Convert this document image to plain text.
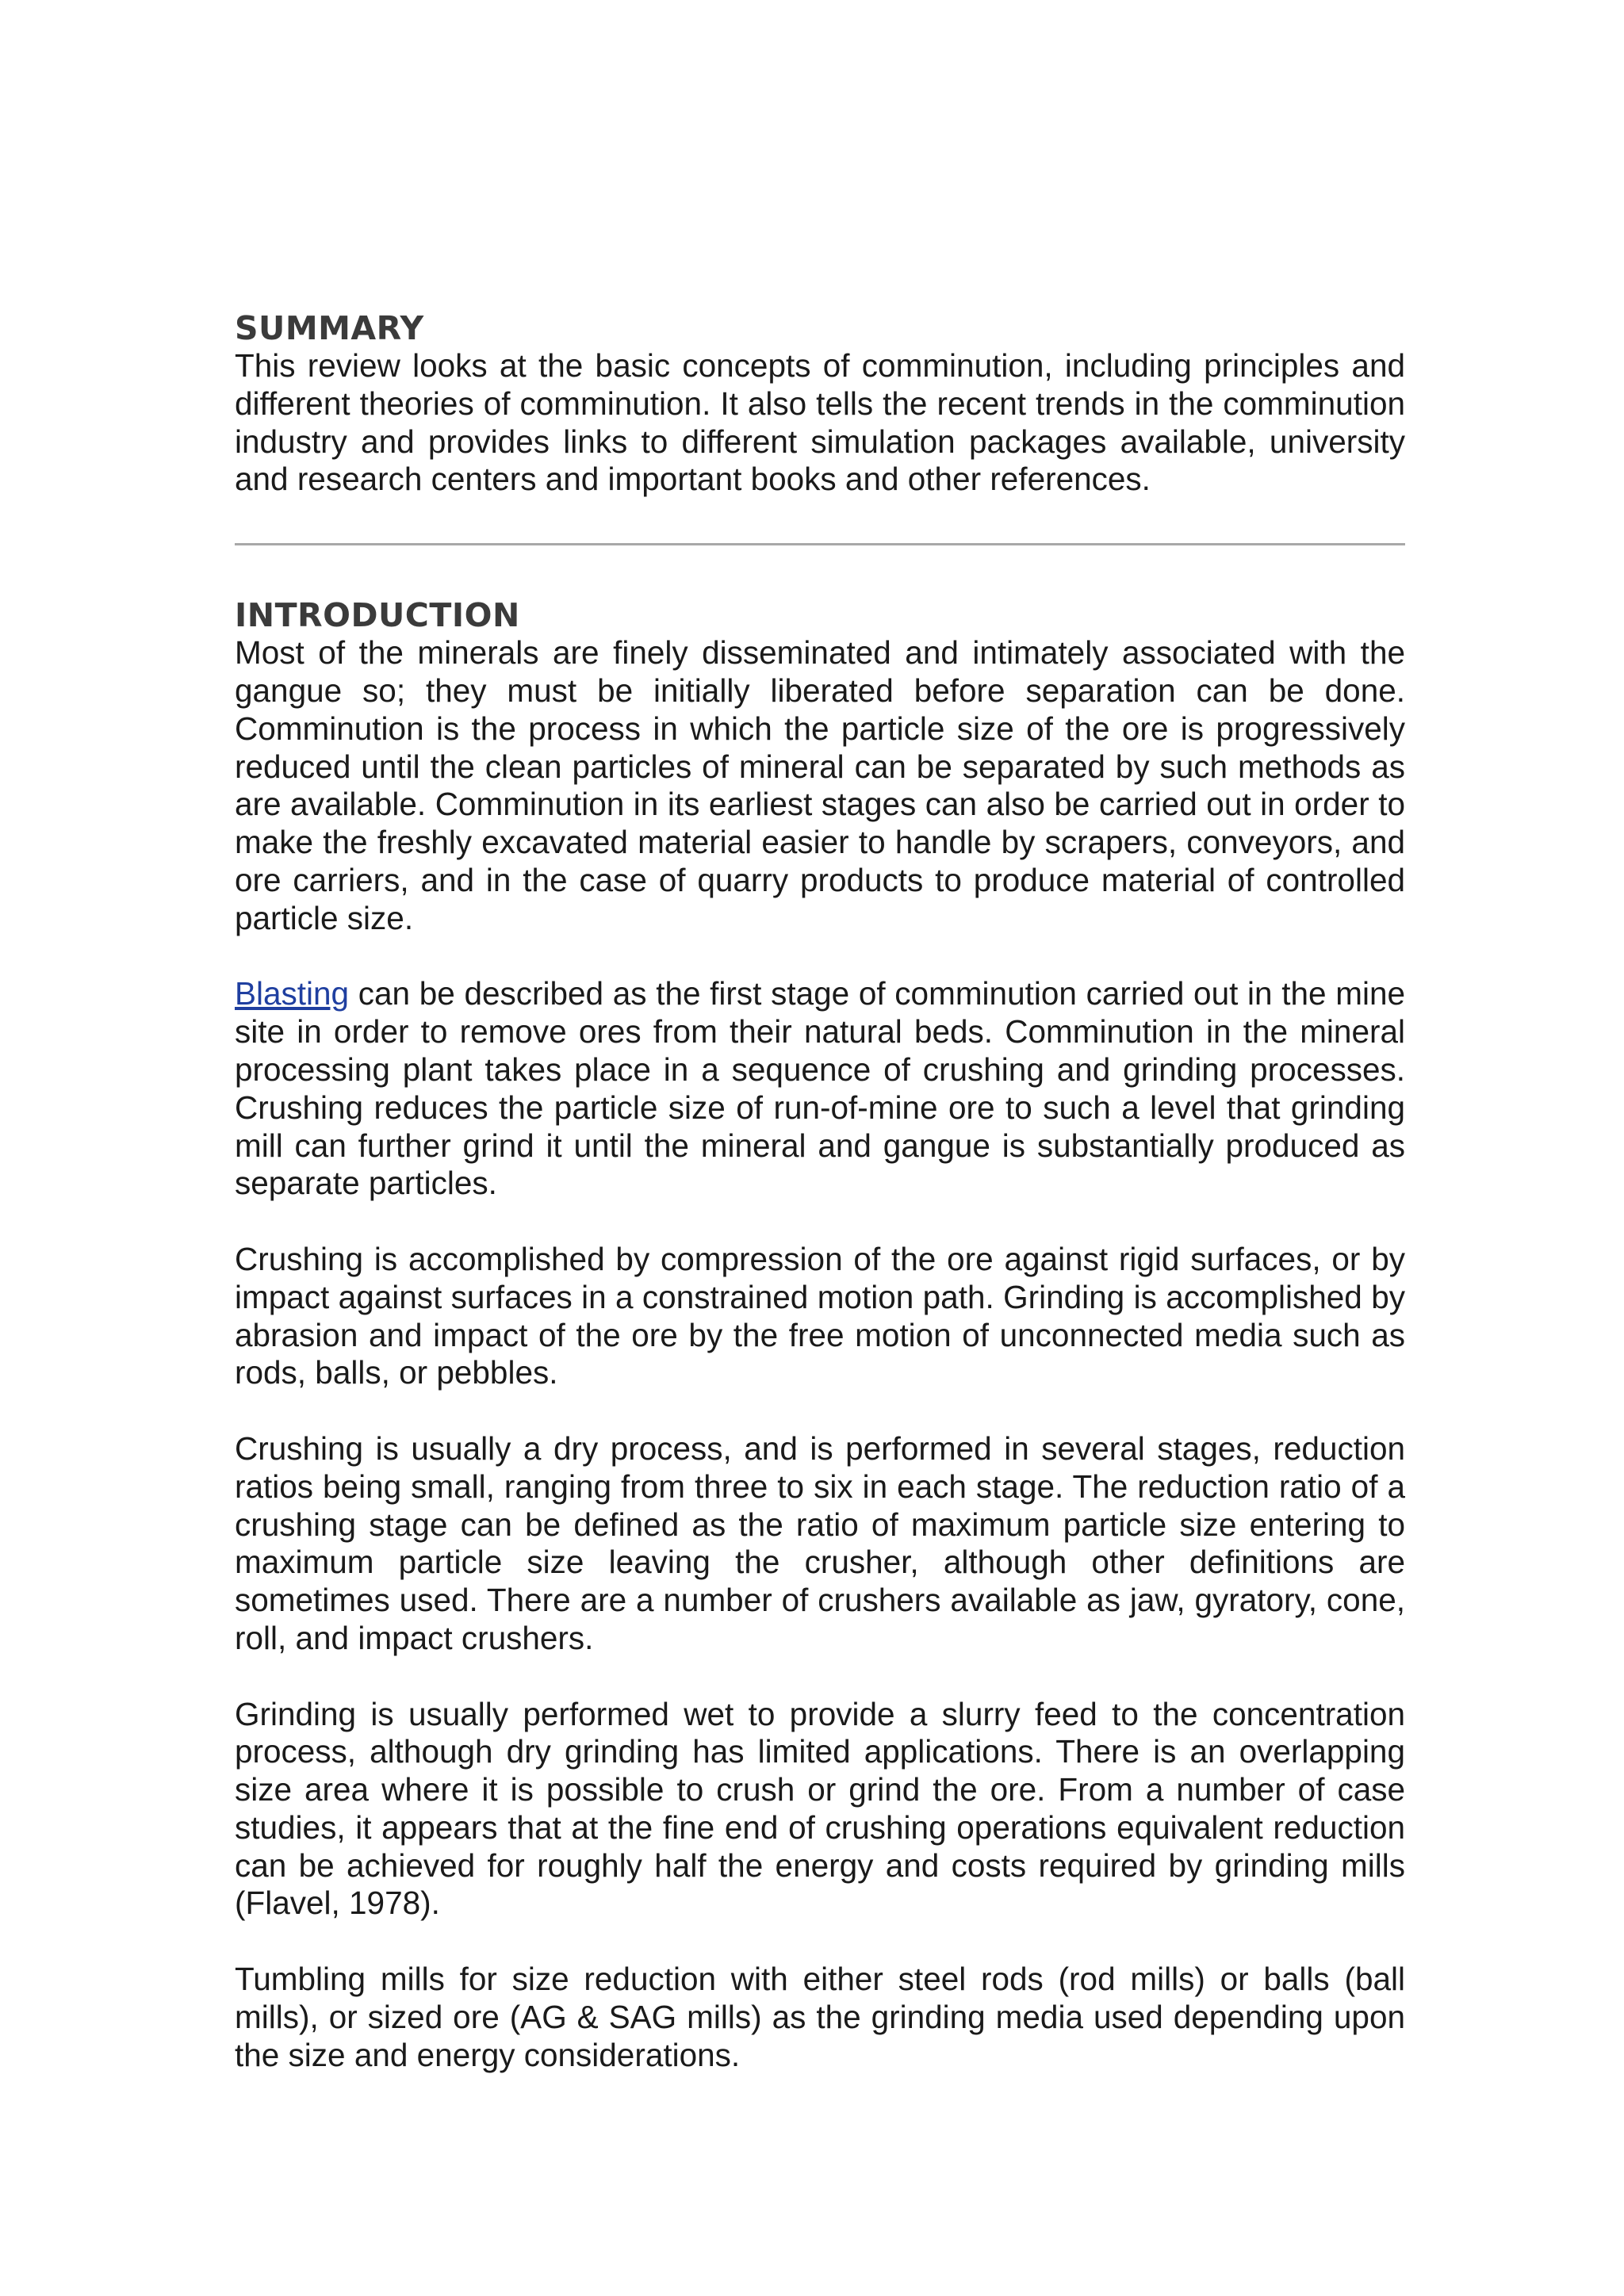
SUMMARY

This review looks at the basic concepts of comminution, including principles and different theories of comminution. It also tells the recent trends in the comminution industry and provides links to different simulation packages available, university and research centers and important books and other references.

INTRODUCTION

Most of the minerals are finely disseminated and intimately associated with the gangue so; they must be initially liberated before separation can be done. Comminution is the process in which the particle size of the ore is progressively reduced until the clean particles of mineral can be separated by such methods as are available. Comminution in its earliest stages can also be carried out in order to make the freshly excavated material easier to handle by scrapers, conveyors, and ore carriers, and in the case of quarry products to produce material of controlled particle size.

Blasting can be described as the first stage of comminution carried out in the mine site in order to remove ores from their natural beds. Comminution in the mineral processing plant takes place in a sequence of crushing and grinding processes. Crushing reduces the particle size of run-of-mine ore to such a level that grinding mill can further grind it until the mineral and gangue is substantially produced as separate particles.

Crushing is accomplished by compression of the ore against rigid surfaces, or by impact against surfaces in a constrained motion path. Grinding is accomplished by abrasion and impact of the ore by the free motion of unconnected media such as rods, balls, or pebbles.

Crushing is usually a dry process, and is performed in several stages, reduction ratios being small, ranging from three to six in each stage. The reduction ratio of a crushing stage can be defined as the ratio of maximum particle size entering to maximum particle size leaving the crusher, although other definitions are sometimes used. There are a number of crushers available as jaw, gyratory, cone, roll, and impact crushers.

Grinding is usually performed wet to provide a slurry feed to the concentration process, although dry grinding has limited applications. There is an overlapping size area where it is possible to crush or grind the ore. From a number of case studies, it appears that at the fine end of crushing operations equivalent reduction can be achieved for roughly half the energy and costs required by grinding mills (Flavel, 1978).

Tumbling mills for size reduction with either steel rods (rod mills) or balls (ball mills), or sized ore (AG & SAG mills) as the grinding media used depending upon the size and energy considerations.
